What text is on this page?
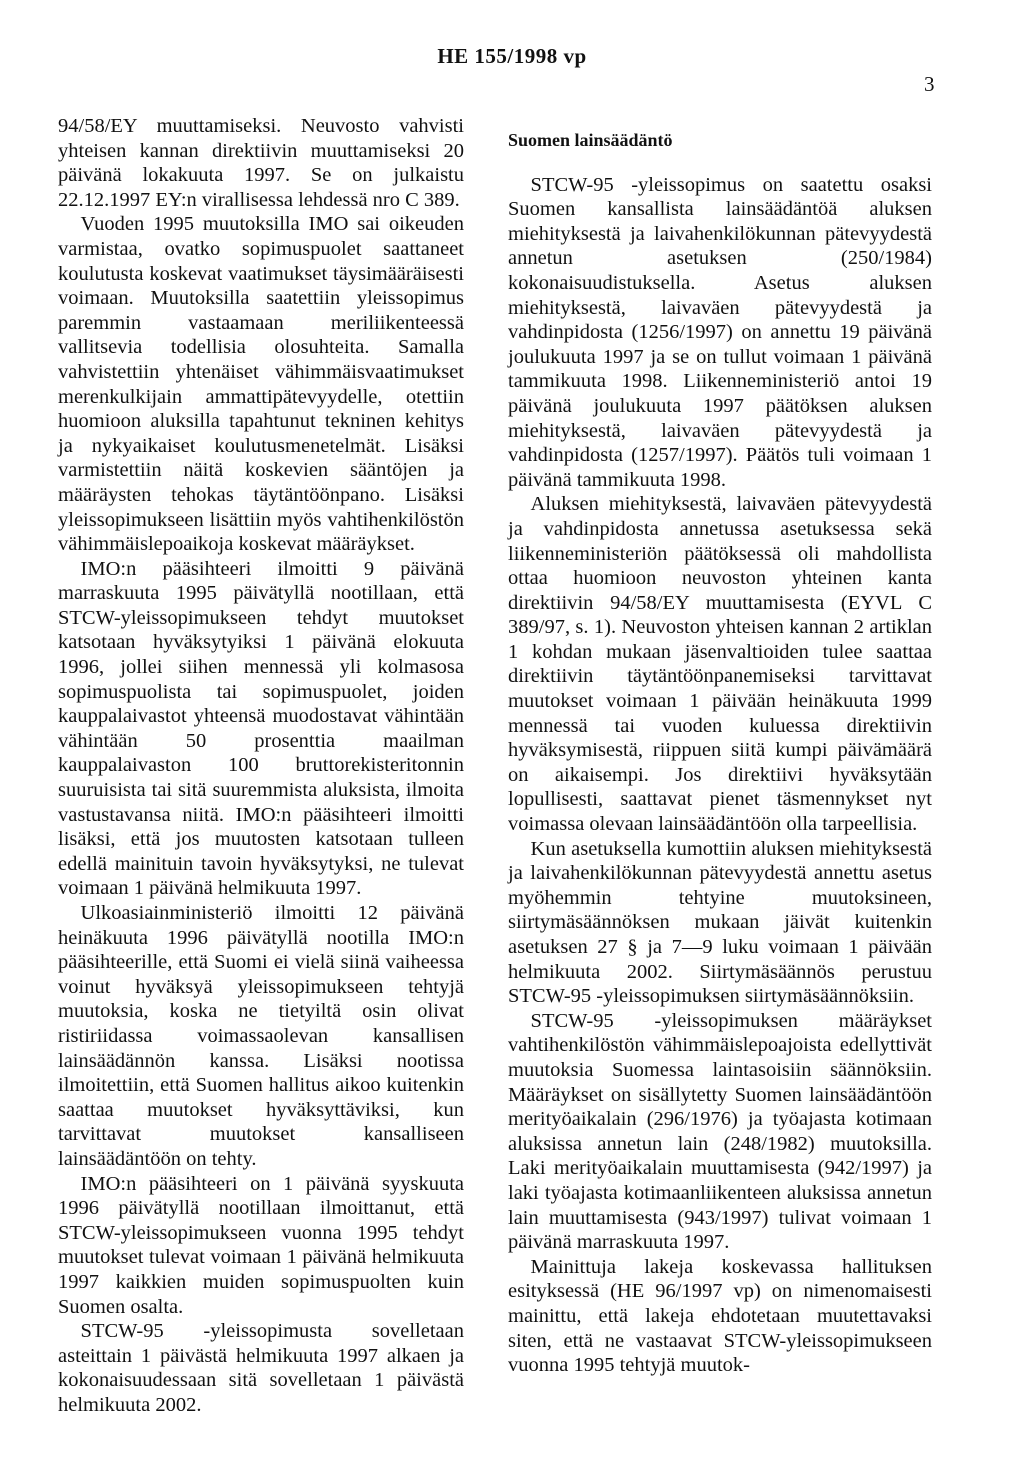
HE 155/1998 vp
3

94/58/EY muuttamiseksi. Neuvosto vahvisti yhteisen kannan direktiivin muuttamiseksi 20 päivänä lokakuuta 1997. Se on julkaistu 22.12.1997 EY:n virallisessa lehdessä nro C 389.

Vuoden 1995 muutoksilla IMO sai oikeuden varmistaa, ovatko sopimuspuolet saattaneet koulutusta koskevat vaatimukset täysimääräisesti voimaan. Muutoksilla saatettiin yleissopimus paremmin vastaamaan meriliikenteessä vallitsevia todellisia olosuhteita. Samalla vahvistettiin yhtenäiset vähimmäisvaatimukset merenkulkijain ammattipätevyydelle, otettiin huomioon aluksilla tapahtunut tekninen kehitys ja nykyaikaiset koulutusmenetelmät. Lisäksi varmistettiin näitä koskevien sääntöjen ja määräysten tehokas täytäntöönpano. Lisäksi yleissopimukseen lisättiin myös vahtihenkilöstön vähimmäislepoaikoja koskevat määräykset.

IMO:n pääsihteeri ilmoitti 9 päivänä marraskuuta 1995 päivätyllä nootillaan, että STCW-yleissopimukseen tehdyt muutokset katsotaan hyväksytyiksi 1 päivänä elokuuta 1996, jollei siihen mennessä yli kolmasosa sopimuspuolista tai sopimuspuolet, joiden kauppalaivastot yhteensä muodostavat vähintään vähintään 50 prosenttia maailman kauppalaivaston 100 bruttorekisteritonnin suuruisista tai sitä suuremmista aluksista, ilmoita vastustavansa niitä. IMO:n pääsihteeri ilmoitti lisäksi, että jos muutosten katsotaan tulleen edellä mainituin tavoin hyväksytyksi, ne tulevat voimaan 1 päivänä helmikuuta 1997.

Ulkoasiainministeriö ilmoitti 12 päivänä heinäkuuta 1996 päivätyllä nootilla IMO:n pääsihteerille, että Suomi ei vielä siinä vaiheessa voinut hyväksyä yleissopimukseen tehtyjä muutoksia, koska ne tietyiltä osin olivat ristiriidassa voimassaolevan kansallisen lainsäädännön kanssa. Lisäksi nootissa ilmoitettiin, että Suomen hallitus aikoo kuitenkin saattaa muutokset hyväksyttäviksi, kun tarvittavat muutokset kansalliseen lainsäädäntöön on tehty.

IMO:n pääsihteeri on 1 päivänä syyskuuta 1996 päivätyllä nootillaan ilmoittanut, että STCW-yleissopimukseen vuonna 1995 tehdyt muutokset tulevat voimaan 1 päivänä helmikuuta 1997 kaikkien muiden sopimuspuolten kuin Suomen osalta.

STCW-95 -yleissopimusta sovelletaan asteittain 1 päivästä helmikuuta 1997 alkaen ja kokonaisuudessaan sitä sovelletaan 1 päivästä helmikuuta 2002.

Suomen lainsäädäntö

STCW-95 -yleissopimus on saatettu osaksi Suomen kansallista lainsäädäntöä aluksen miehityksestä ja laivahenkilökunnan pätevyydestä annetun asetuksen (250/1984) kokonaisuudistuksella. Asetus aluksen miehityksestä, laivaväen pätevyydestä ja vahdinpidosta (1256/1997) on annettu 19 päivänä joulukuuta 1997 ja se on tullut voimaan 1 päivänä tammikuuta 1998. Liikenneministeriö antoi 19 päivänä joulukuuta 1997 päätöksen aluksen miehityksestä, laivaväen pätevyydestä ja vahdinpidosta (1257/1997). Päätös tuli voimaan 1 päivänä tammikuuta 1998.

Aluksen miehityksestä, laivaväen pätevyydestä ja vahdinpidosta annetussa asetuksessa sekä liikenneministeriön päätöksessä oli mahdollista ottaa huomioon neuvoston yhteinen kanta direktiivin 94/58/EY muuttamisesta (EYVL C 389/97, s. 1). Neuvoston yhteisen kannan 2 artiklan 1 kohdan mukaan jäsenvaltioiden tulee saattaa direktiivin täytäntöönpanemiseksi tarvittavat muutokset voimaan 1 päivään heinäkuuta 1999 mennessä tai vuoden kuluessa direktiivin hyväksymisestä, riippuen siitä kumpi päivämäärä on aikaisempi. Jos direktiivi hyväksytään lopullisesti, saattavat pienet täsmennykset nyt voimassa olevaan lainsäädäntöön olla tarpeellisia.

Kun asetuksella kumottiin aluksen miehityksestä ja laivahenkilökunnan pätevyydestä annettu asetus myöhemmin tehtyine muutoksineen, siirtymäsäännöksen mukaan jäivät kuitenkin asetuksen 27 § ja 7—9 luku voimaan 1 päivään helmikuuta 2002. Siirtymäsäännös perustuu STCW-95 -yleissopimuksen siirtymäsäännöksiin.

STCW-95 -yleissopimuksen määräykset vahtihenkilöstön vähimmäislepoajoista edellyttivät muutoksia Suomessa laintasoisiin säännöksiin. Määräykset on sisällytetty Suomen lainsäädäntöön merityöaikalain (296/1976) ja työajasta kotimaan aluksissa annetun lain (248/1982) muutoksilla. Laki merityöaikalain muuttamisesta (942/1997) ja laki työajasta kotimaanliikenteen aluksissa annetun lain muuttamisesta (943/1997) tulivat voimaan 1 päivänä marraskuuta 1997.

Mainittuja lakeja koskevassa hallituksen esityksessä (HE 96/1997 vp) on nimenomaisesti mainittu, että lakeja ehdotetaan muutettavaksi siten, että ne vastaavat STCW-yleissopimukseen vuonna 1995 tehtyjä muutok-
